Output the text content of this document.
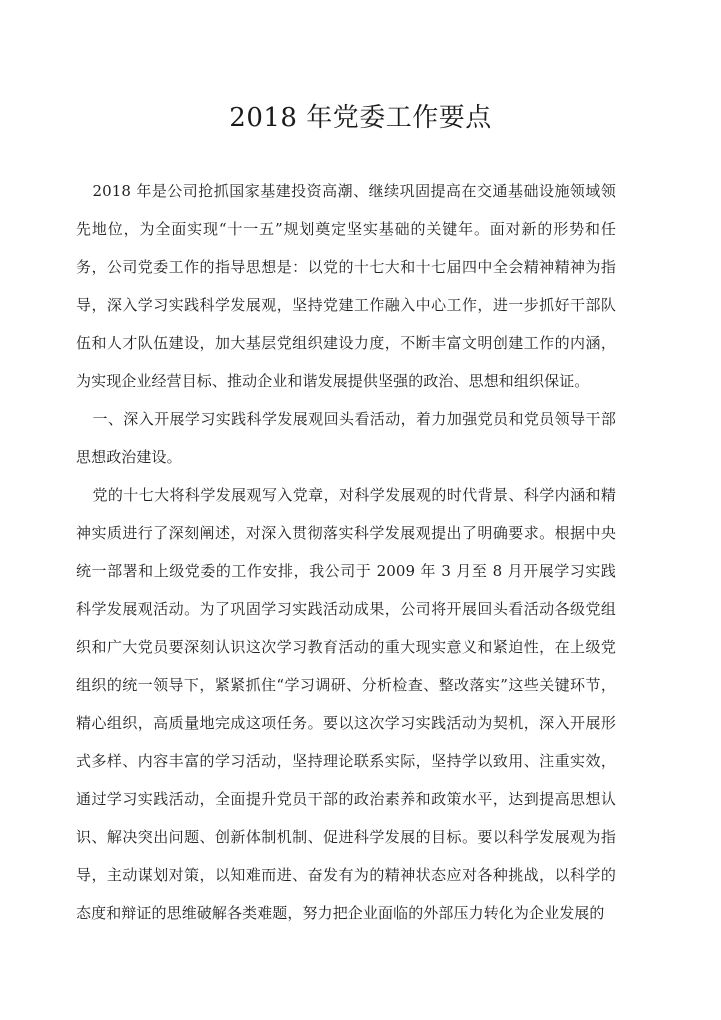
2018 年党委工作要点

2018 年是公司抢抓国家基建投资高潮、继续巩固提高在交通基础设施领域领先地位，为全面实现“十一五”规划奠定坚实基础的关键年。面对新的形势和任务，公司党委工作的指导思想是：以党的十七大和十七届四中全会精神精神为指导，深入学习实践科学发展观，坚持党建工作融入中心工作，进一步抓好干部队伍和人才队伍建设，加大基层党组织建设力度，不断丰富文明创建工作的内涵，为实现企业经营目标、推动企业和谐发展提供坚强的政治、思想和组织保证。

一、深入开展学习实践科学发展观回头看活动，着力加强党员和党员领导干部思想政治建设。

党的十七大将科学发展观写入党章，对科学发展观的时代背景、科学内涵和精神实质进行了深刻阐述，对深入贯彻落实科学发展观提出了明确要求。根据中央统一部署和上级党委的工作安排，我公司于 2009 年 3 月至 8 月开展学习实践科学发展观活动。为了巩固学习实践活动成果，公司将开展回头看活动各级党组织和广大党员要深刻认识这次学习教育活动的重大现实意义和紧迫性，在上级党组织的统一领导下，紧紧抓住“学习调研、分析检查、整改落实”这些关键环节，精心组织，高质量地完成这项任务。要以这次学习实践活动为契机，深入开展形式多样、内容丰富的学习活动，坚持理论联系实际，坚持学以致用、注重实效，通过学习实践活动，全面提升党员干部的政治素养和政策水平，达到提高思想认识、解决突出问题、创新体制机制、促进科学发展的目标。要以科学发展观为指导，主动谋划对策，以知难而进、奋发有为的精神状态应对各种挑战，以科学的态度和辩证的思维破解各类难题，努力把企业面临的外部压力转化为企业发展的
